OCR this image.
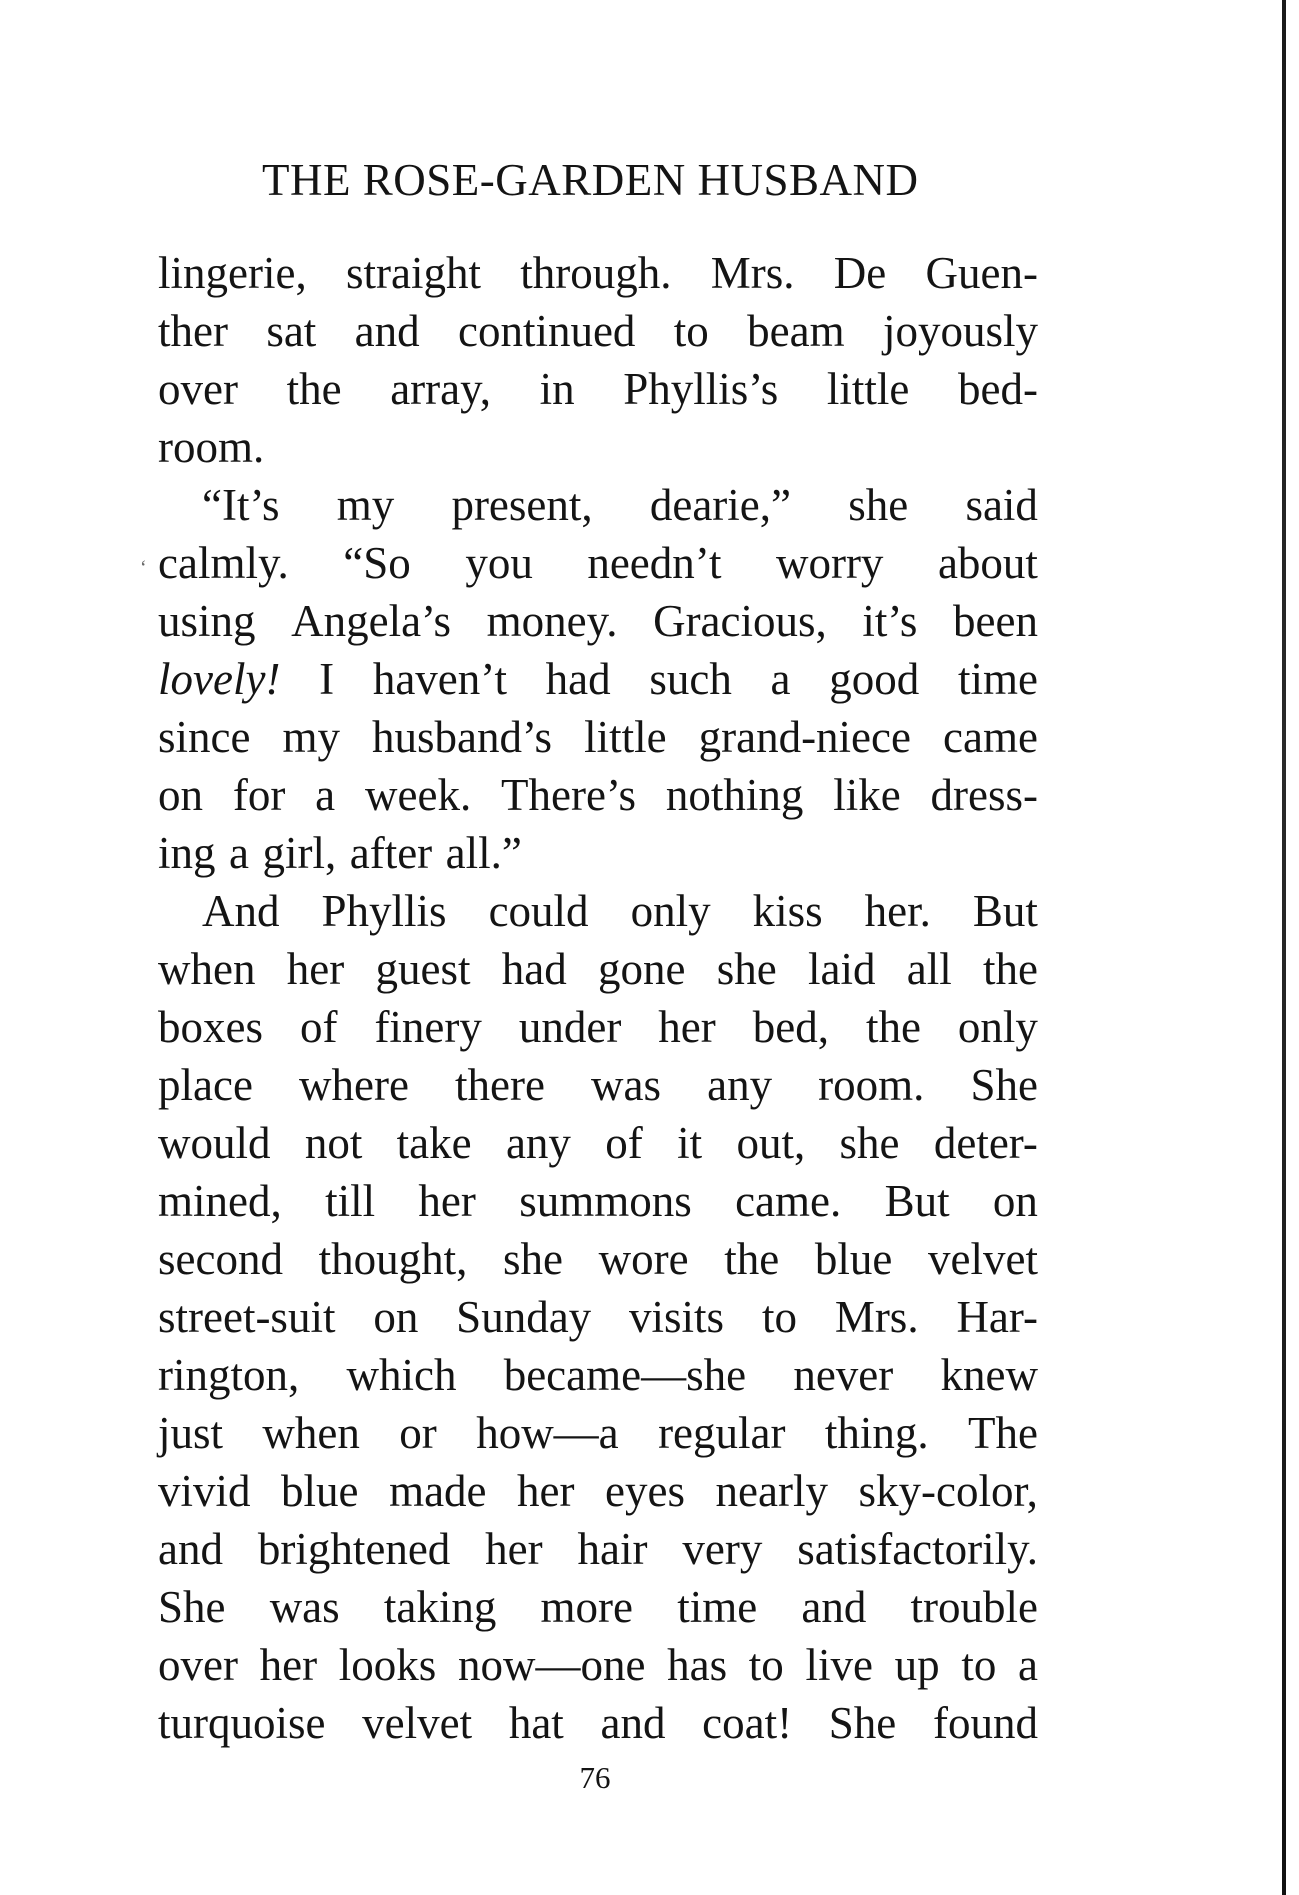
THE ROSE-GARDEN HUSBAND
lingerie, straight through. Mrs. De Guen-
ther sat and continued to beam joyously
over the array, in Phyllis’s little bed-
room.
“It’s my present, dearie,” she said
calmly. “So you needn’t worry about
using Angela’s money. Gracious, it’s been
lovely! I haven’t had such a good time
since my husband’s little grand-niece came
on for a week. There’s nothing like dress-
ing a girl, after all.”
And Phyllis could only kiss her. But
when her guest had gone she laid all the
boxes of finery under her bed, the only
place where there was any room. She
would not take any of it out, she deter-
mined, till her summons came. But on
second thought, she wore the blue velvet
street-suit on Sunday visits to Mrs. Har-
rington, which became—she never knew
just when or how—a regular thing. The
vivid blue made her eyes nearly sky-color,
and brightened her hair very satisfactorily.
She was taking more time and trouble
over her looks now—one has to live up to a
turquoise velvet hat and coat! She found
76
‘
